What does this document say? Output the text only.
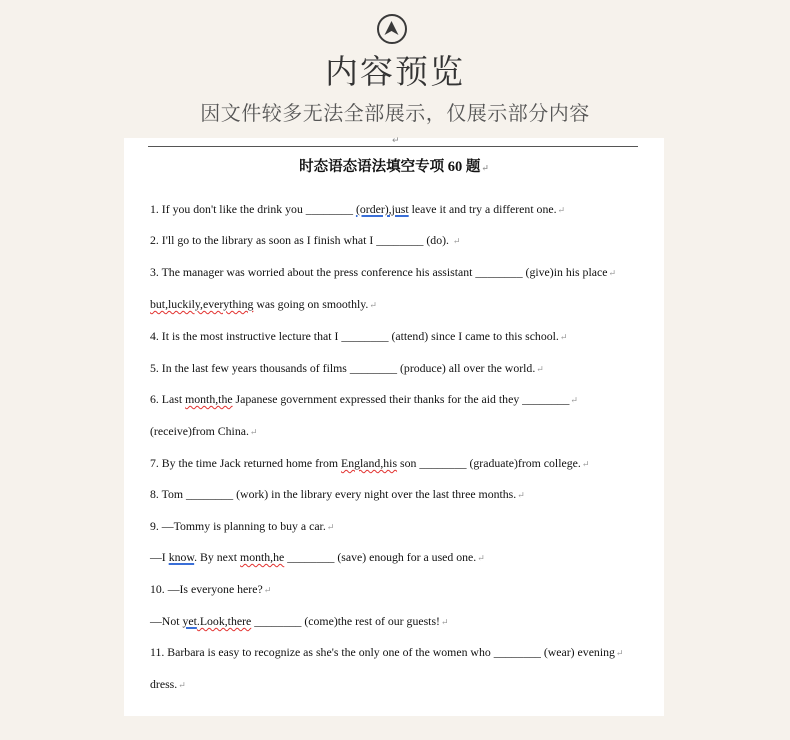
内容预览
因文件较多无法全部展示，仅展示部分内容
↵
时态语态语法填空专项 60 题↵
1. If you don't like the drink you ________ (order),just leave it and try a different one.↵
2. I'll go to the library as soon as I finish what I ________ (do). ↵
3. The manager was worried about the press conference his assistant ________ (give)in his place↵
but,luckily,everything was going on smoothly.↵
4. It is the most instructive lecture that I ________ (attend) since I came to this school.↵
5. In the last few years thousands of films ________ (produce) all over the world.↵
6. Last month,the Japanese government expressed their thanks for the aid they ________↵
(receive)from China.↵
7. By the time Jack returned home from England,his son ________ (graduate)from college.↵
8. Tom ________ (work) in the library every night over the last three months.↵
9. —Tommy is planning to buy a car.↵
—I know. By next month,he ________ (save) enough for a used one.↵
10. —Is everyone here?↵
—Not yet.Look,there ________ (come)the rest of our guests!↵
11. Barbara is easy to recognize as she's the only one of the women who ________ (wear) evening↵
dress.↵
